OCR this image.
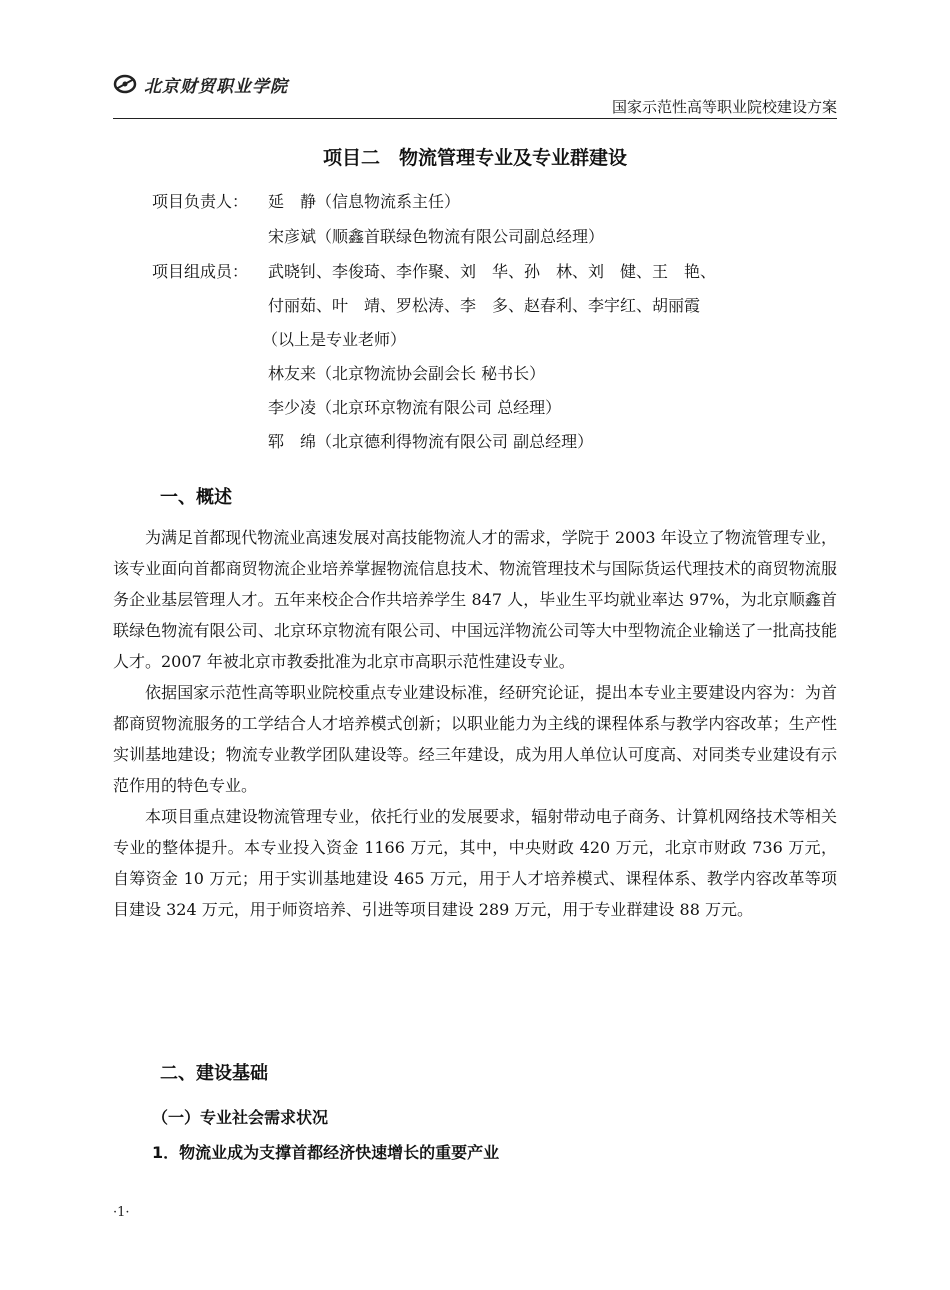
北京财贸职业学院
国家示范性高等职业院校建设方案
项目二　物流管理专业及专业群建设
项目负责人： 延　静（信息物流系主任）
宋彦斌（顺鑫首联绿色物流有限公司副总经理）
项目组成员： 武晓钊、李俊琦、李作聚、刘　华、孙　林、刘　健、王　艳、
付丽茹、叶　靖、罗松涛、李　多、赵春利、李宇红、胡丽霞
（以上是专业老师）
林友来（北京物流协会副会长 秘书长）
李少凌（北京环京物流有限公司 总经理）
郓　绵（北京德利得物流有限公司 副总经理）
一、概述

为满足首都现代物流业高速发展对高技能物流人才的需求，学院于 2003 年设立了物流管理专业，该专业面向首都商贸物流企业培养掌握物流信息技术、物流管理技术与国际货运代理技术的商贸物流服务企业基层管理人才。五年来校企合作共培养学生 847 人，毕业生平均就业率达 97%，为北京顺鑫首联绿色物流有限公司、北京环京物流有限公司、中国远洋物流公司等大中型物流企业输送了一批高技能人才。2007 年被北京市教委批准为北京市高职示范性建设专业。

依据国家示范性高等职业院校重点专业建设标准，经研究论证，提出本专业主要建设内容为：为首都商贸物流服务的工学结合人才培养模式创新；以职业能力为主线的课程体系与教学内容改革；生产性实训基地建设；物流专业教学团队建设等。经三年建设，成为用人单位认可度高、对同类专业建设有示范作用的特色专业。

本项目重点建设物流管理专业，依托行业的发展要求，辐射带动电子商务、计算机网络技术等相关专业的整体提升。本专业投入资金 1166 万元，其中，中央财政 420 万元，北京市财政 736 万元，自筹资金 10 万元；用于实训基地建设 465 万元，用于人才培养模式、课程体系、教学内容改革等项目建设 324 万元，用于师资培养、引进等项目建设 289 万元，用于专业群建设 88 万元。

二、建设基础
（一）专业社会需求状况
1．物流业成为支撑首都经济快速增长的重要产业
·1·
